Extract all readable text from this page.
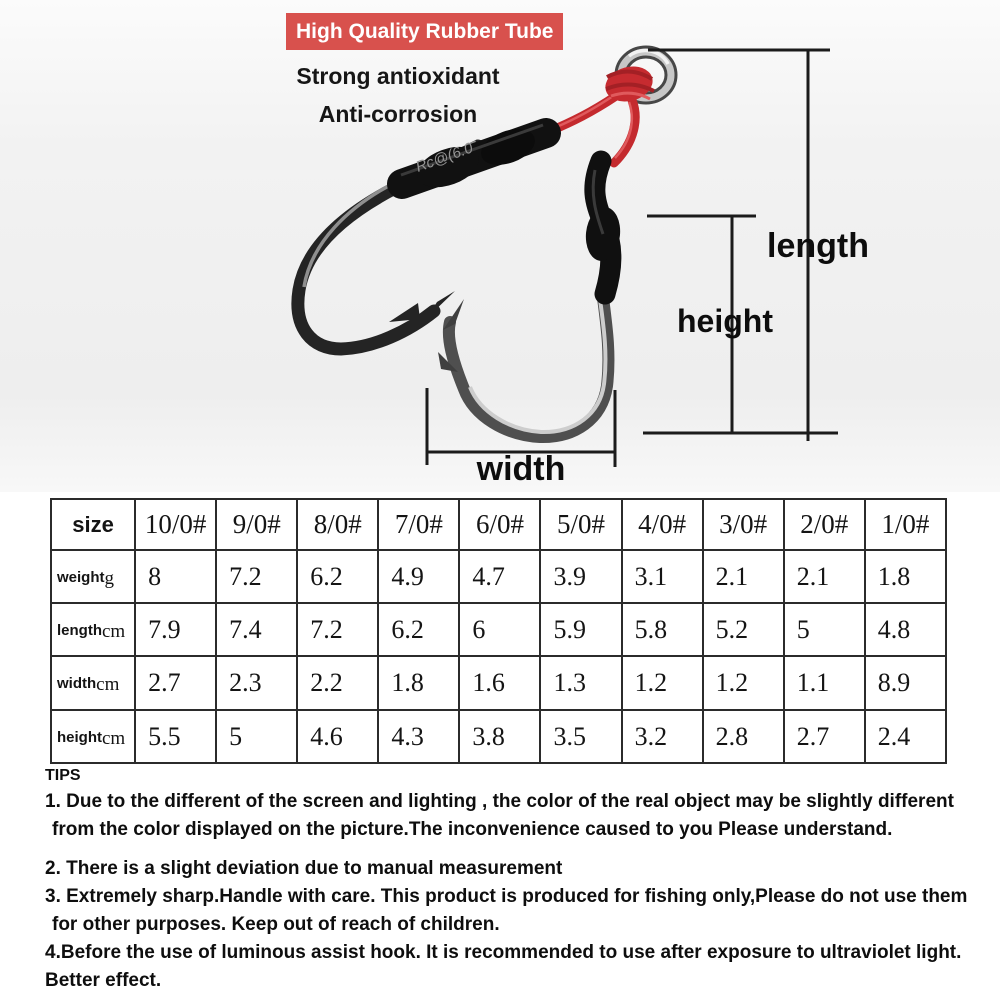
Rc@(6.0
High Quality Rubber Tube
Strong antioxidant
Anti-corrosion
length
height
width
size	10/0#	9/0#	8/0#	7/0#	6/0#	5/0#	4/0#	3/0#	2/0#	1/0#
weightg	8	7.2	6.2	4.9	4.7	3.9	3.1	2.1	2.1	1.8
lengthcm	7.9	7.4	7.2	6.2	6	5.9	5.8	5.2	5	4.8
widthcm	2.7	2.3	2.2	1.8	1.6	1.3	1.2	1.2	1.1	8.9
heightcm	5.5	5	4.6	4.3	3.8	3.5	3.2	2.8	2.7	2.4
TIPS
1. Due to the different of the screen and lighting , the color of the real object may be slightly different
from the color displayed on the picture.The inconvenience caused to you Please understand.
2. There is a slight deviation due to manual measurement
3. Extremely sharp.Handle with care. This product is produced for fishing only,Please do not use them
for other purposes. Keep out of reach of children.
4.Before the use of luminous assist hook. It is recommended to use after exposure to ultraviolet light.
Better effect.
